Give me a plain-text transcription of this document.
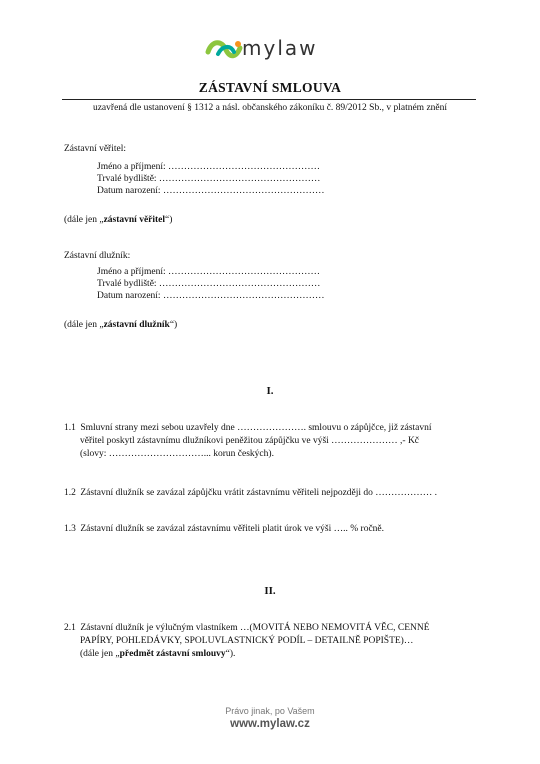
mylaw
ZÁSTAVNÍ SMLOUVA
uzavřená dle ustanovení § 1312 a násl. občanského zákoníku č. 89/2012 Sb., v platném znění
Zástavní věřitel:
Jméno a příjmení: …………………………………………
Trvalé bydliště: ……………………………………………
Datum narození: ……………………………………………
(dále jen „zástavní věřitel“)
Zástavní dlužník:
Jméno a příjmení: …………………………………………
Trvalé bydliště: ……………………………………………
Datum narození: ……………………………………………
(dále jen „zástavní dlužník“)
I.
1.1 Smluvní strany mezi sebou uzavřely dne …………………. smlouvu o zápůjčce, již zástavní
věřitel poskytl zástavnímu dlužníkovi peněžitou zápůjčku ve výši ………………… ,- Kč
(slovy: …………………………... korun českých).
1.2 Zástavní dlužník se zavázal zápůjčku vrátit zástavnímu věřiteli nejpozději do ……………… .
1.3 Zástavní dlužník se zavázal zástavnímu věřiteli platit úrok ve výši ….. % ročně.
II.
2.1 Zástavní dlužník je výlučným vlastníkem …(MOVITÁ NEBO NEMOVITÁ VĚC, CENNÉ
PAPÍRY, POHLEDÁVKY, SPOLUVLASTNICKÝ PODÍL – DETAILNĚ POPIŠTE)…
(dále jen „předmět zástavní smlouvy“).
Právo jinak, po Vašem
www.mylaw.cz
